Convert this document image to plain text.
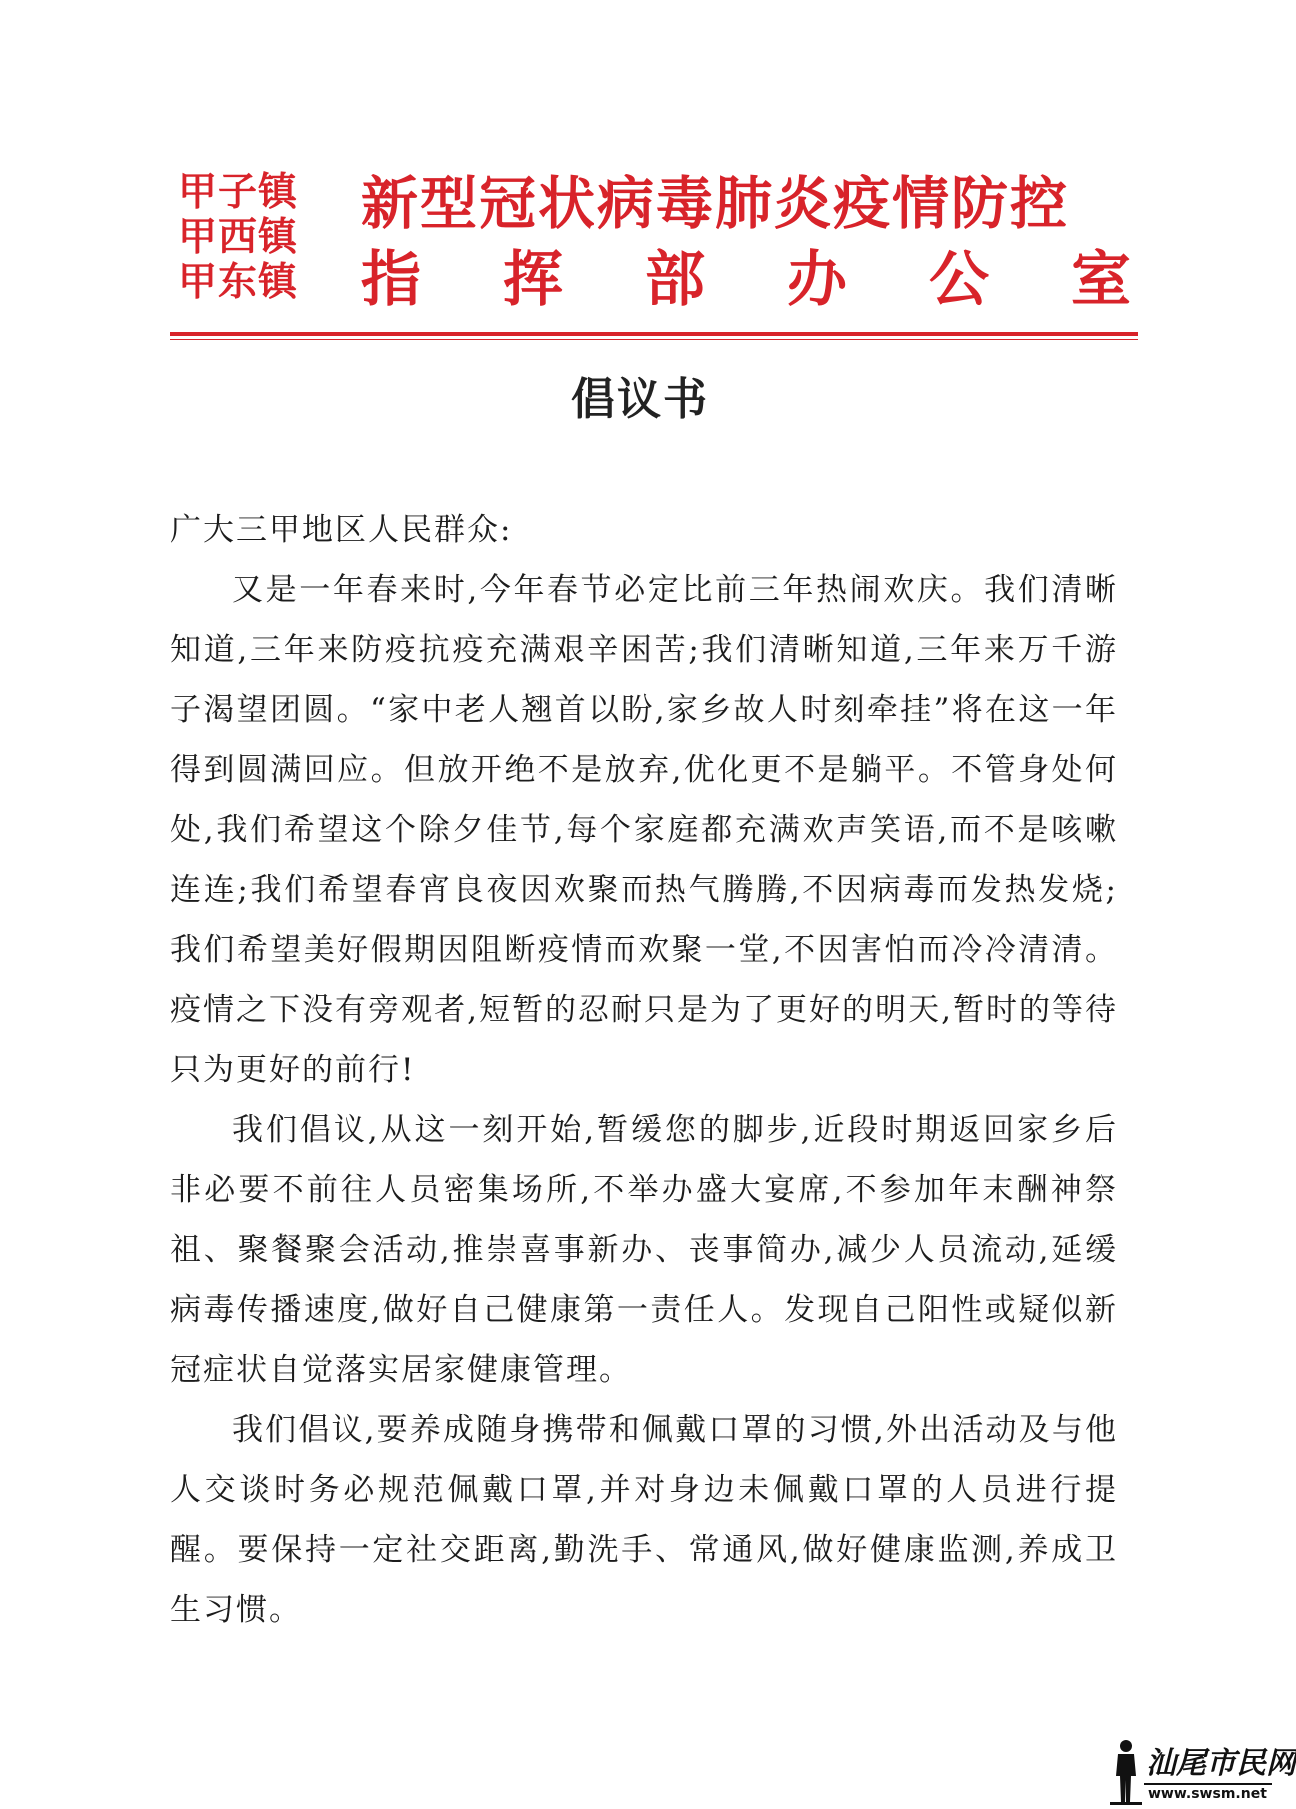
甲子镇
甲西镇
甲东镇
新型冠状病毒肺炎疫情防控
指 挥 部 办 公 室
倡议书

广大三甲地区人民群众:

又是一年春来时,今年春节必定比前三年热闹欢庆。我们清晰知道,三年来防疫抗疫充满艰辛困苦;我们清晰知道,三年来万千游子渴望团圆。“家中老人翘首以盼,家乡故人时刻牵挂”将在这一年得到圆满回应。但放开绝不是放弃,优化更不是躺平。不管身处何处,我们希望这个除夕佳节,每个家庭都充满欢声笑语,而不是咳嗽连连;我们希望春宵良夜因欢聚而热气腾腾,不因病毒而发热发烧;我们希望美好假期因阻断疫情而欢聚一堂,不因害怕而冷冷清清。疫情之下没有旁观者,短暂的忍耐只是为了更好的明天,暂时的等待只为更好的前行!

我们倡议,从这一刻开始,暂缓您的脚步,近段时期返回家乡后非必要不前往人员密集场所,不举办盛大宴席,不参加年末酬神祭祖、聚餐聚会活动,推崇喜事新办、丧事简办,减少人员流动,延缓病毒传播速度,做好自己健康第一责任人。发现自己阳性或疑似新冠症状自觉落实居家健康管理。

我们倡议,要养成随身携带和佩戴口罩的习惯,外出活动及与他人交谈时务必规范佩戴口罩,并对身边未佩戴口罩的人员进行提醒。要保持一定社交距离,勤洗手、常通风,做好健康监测,养成卫生习惯。

汕尾市民网
www.swsm.net
